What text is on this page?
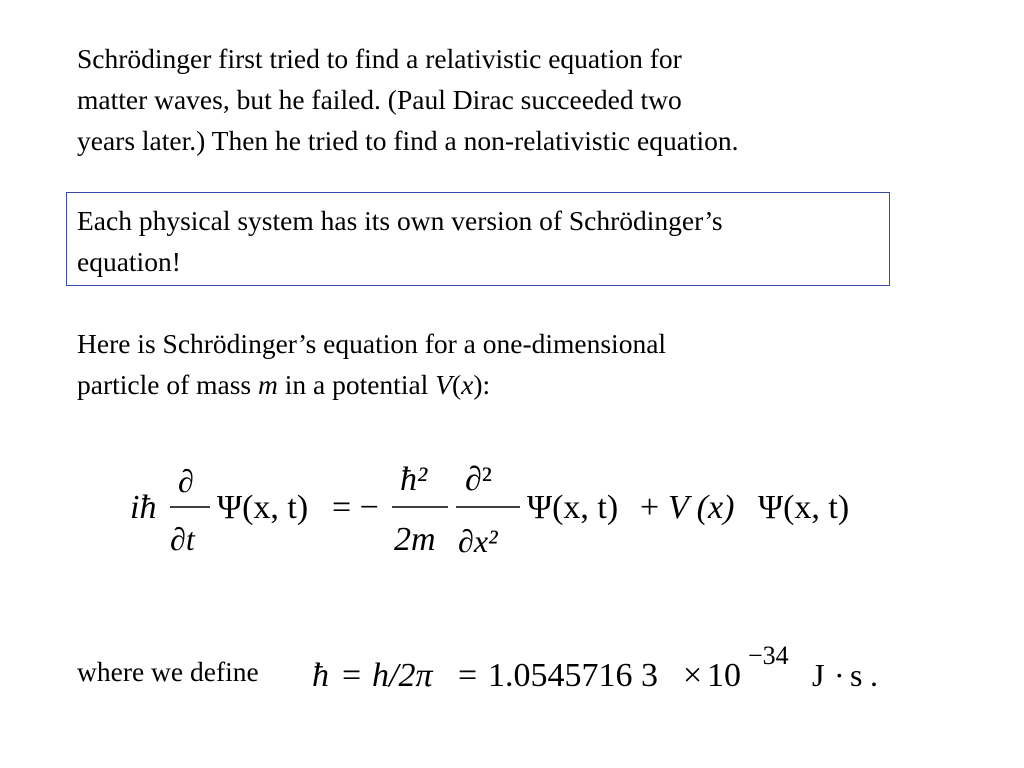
Schrödinger first tried to find a relativistic equation for
matter waves, but he failed. (Paul Dirac succeeded two
years later.) Then he tried to find a non-relativistic equation.
Each physical system has its own version of Schrödinger’s
equation!
Here is Schrödinger’s equation for a one-dimensional
particle of mass m in a potential V(x):
iħ
∂
∂t
Ψ(x, t) = −
ħ²
2m
∂²
∂x²
Ψ(x, t) + V (x) Ψ(x, t)
where we define ħ = h/2π = 1.0545716 3 × 10
−34
J · s .
